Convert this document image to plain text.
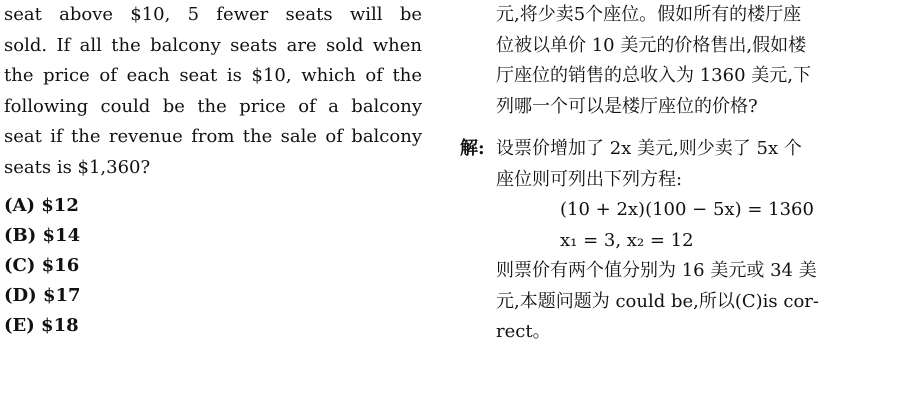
seat above $10, 5 fewer seats will be
sold. If all the balcony seats are sold when
the price of each seat is $10, which of the
following could be the price of a balcony
seat if the revenue from the sale of balcony
seats is $1,360?
(A) $12
(B) $14
(C) $16
(D) $17
(E) $18
元,将少卖5个座位。假如所有的楼厅座
位被以单价 10 美元的价格售出,假如楼
厅座位的销售的总收入为 1360 美元,下
列哪一个可以是楼厅座位的价格?
解: 设票价增加了 2x 美元,则少卖了 5x 个
座位则可列出下列方程:
(10 + 2x)(100 − 5x) = 1360
x₁ = 3, x₂ = 12
则票价有两个值分别为 16 美元或 34 美
元,本题问题为 could be,所以(C)is cor-
rect。
